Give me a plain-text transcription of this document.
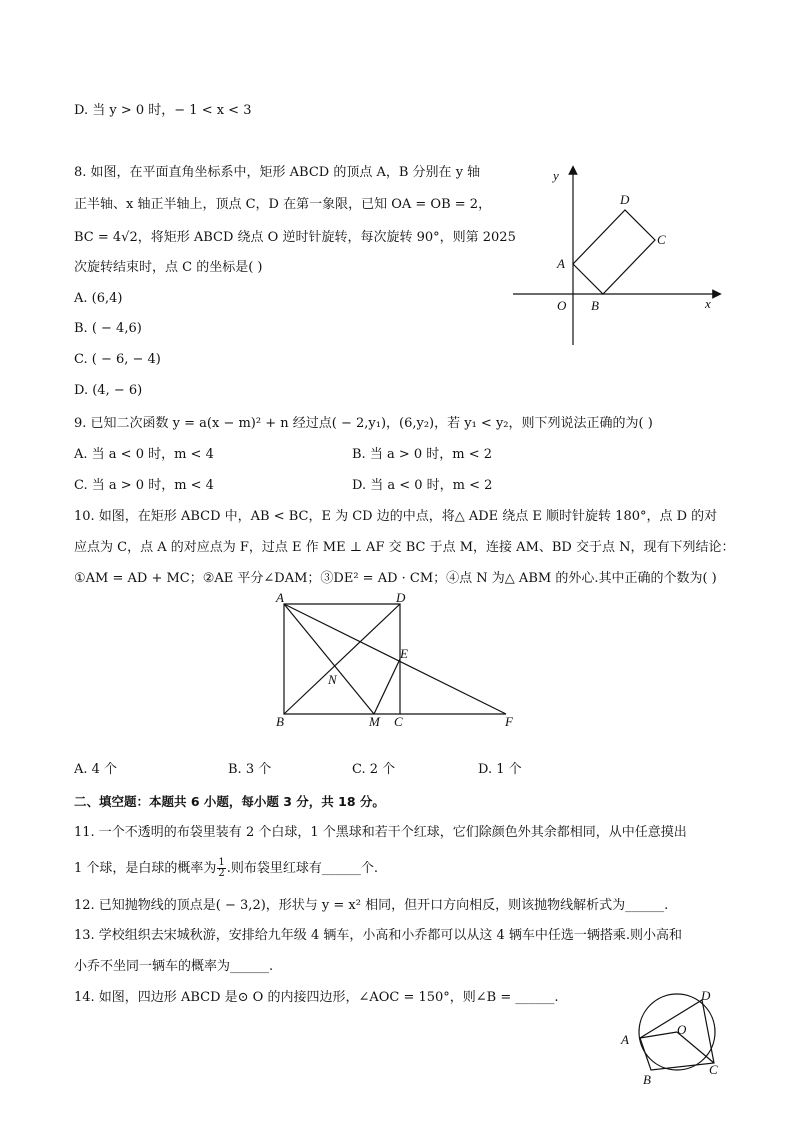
D. 当 y > 0 时，− 1 < x < 3
8. 如图，在平面直角坐标系中，矩形 ABCD 的顶点 A，B 分别在 y 轴
正半轴、x 轴正半轴上，顶点 C，D 在第一象限，已知 OA = OB = 2，
BC = 4√2，将矩形 ABCD 绕点 O 逆时针旋转，每次旋转 90°，则第 2025
次旋转结束时，点 C 的坐标是( )
A. (6,4)
B. ( − 4,6)
C. ( − 6, − 4)
D. (4, − 6)
y
x
O
A
B
C
D
9. 已知二次函数 y = a(x − m)² + n 经过点( − 2,y₁)，(6,y₂)，若 y₁ < y₂，则下列说法正确的为( )
A. 当 a < 0 时，m < 4	B. 当 a > 0 时，m < 2
C. 当 a > 0 时，m < 4	D. 当 a < 0 时，m < 2
10. 如图，在矩形 ABCD 中，AB < BC，E 为 CD 边的中点，将△ ADE 绕点 E 顺时针旋转 180°，点 D 的对
应点为 C，点 A 的对应点为 F，过点 E 作 ME ⊥ AF 交 BC 于点 M，连接 AM、BD 交于点 N，现有下列结论：
①AM = AD + MC；②AE 平分∠DAM；③DE² = AD · CM；④点 N 为△ ABM 的外心.其中正确的个数为( )
A	D
E
N
B	M C	F
A. 4 个	B. 3 个	C. 2 个	D. 1 个
二、填空题：本题共 6 小题，每小题 3 分，共 18 分。
11. 一个不透明的布袋里装有 2 个白球，1 个黑球和若干个红球，它们除颜色外其余都相同，从中任意摸出
1 个球，是白球的概率为 $\frac{1}{2}$ .则布袋里红球有______个.
12. 已知抛物线的顶点是( − 3,2)，形状与 y = x² 相同，但开口方向相反，则该抛物线解析式为______.
13. 学校组织去宋城秋游，安排给九年级 4 辆车，小高和小乔都可以从这 4 辆车中任选一辆搭乘.则小高和
小乔不坐同一辆车的概率为______.
14. 如图，四边形 ABCD 是⊙ O 的内接四边形，∠AOC = 150°，则∠B = ______.
A
B
C
D
O
